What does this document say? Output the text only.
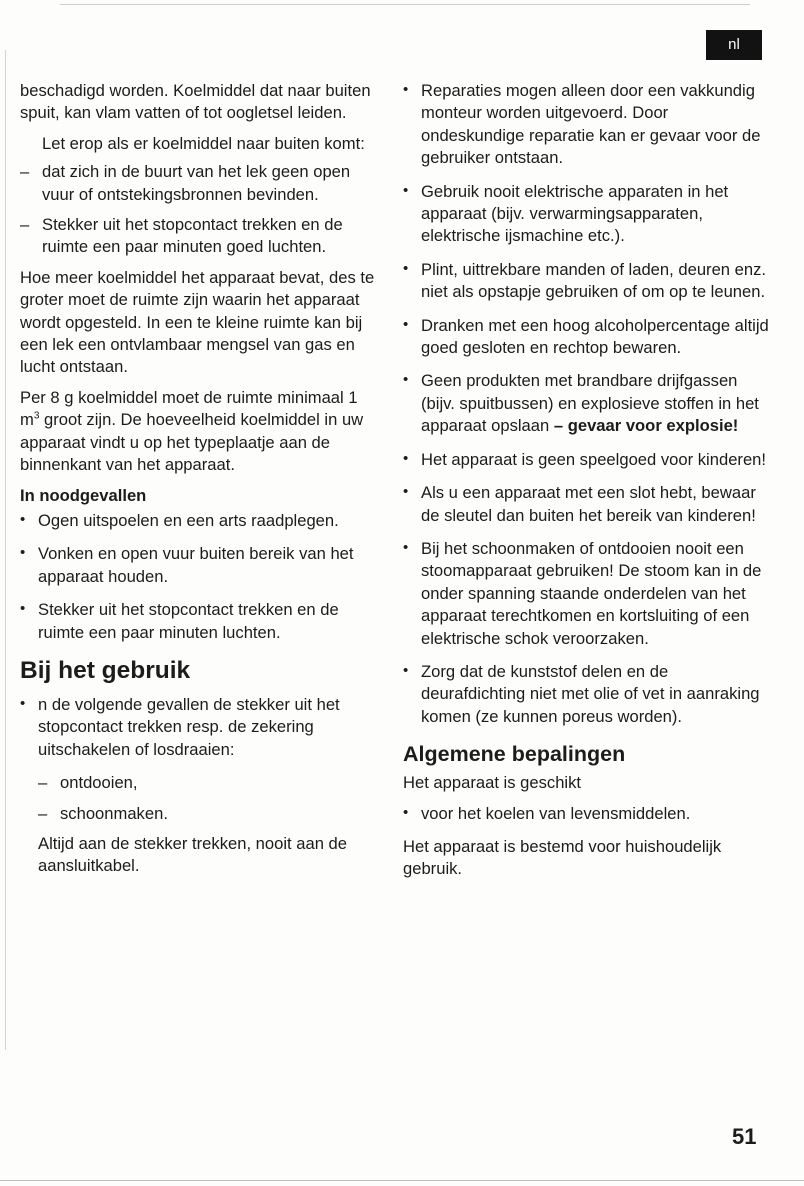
nl

beschadigd worden. Koelmiddel dat naar buiten spuit, kan vlam vatten of tot oogletsel leiden.

Let erop als er koelmiddel naar buiten komt:

– dat zich in de buurt van het lek geen open vuur of ontstekingsbronnen bevinden.
– Stekker uit het stopcontact trekken en de ruimte een paar minuten goed luchten.

Hoe meer koelmiddel het apparaat bevat, des te groter moet de ruimte zijn waarin het apparaat wordt opgesteld. In een te kleine ruimte kan bij een lek een ontvlambaar mengsel van gas en lucht ontstaan.

Per 8 g koelmiddel moet de ruimte minimaal 1 $m^3$ groot zijn. De hoeveelheid koelmiddel in uw apparaat vindt u op het typeplaatje aan de binnenkant van het apparaat.

In noodgevallen

• Ogen uitspoelen en een arts raadplegen.
• Vonken en open vuur buiten bereik van het apparaat houden.
• Stekker uit het stopcontact trekken en de ruimte een paar minuten luchten.
Bij het gebruik
• n de volgende gevallen de stekker uit het stopcontact trekken resp. de zekering uitschakelen of losdraaien:
– ontdooien,
– schoonmaken.

Altijd aan de stekker trekken, nooit aan de aansluitkabel.

• Reparaties mogen alleen door een vakkundig monteur worden uitgevoerd. Door ondeskundige reparatie kan er gevaar voor de gebruiker ontstaan.
• Gebruik nooit elektrische apparaten in het apparaat (bijv. verwarmingsapparaten, elektrische ijsmachine etc.).
• Plint, uittrekbare manden of laden, deuren enz. niet als opstapje gebruiken of om op te leunen.
• Dranken met een hoog alcoholpercentage altijd goed gesloten en rechtop bewaren.
• Geen produkten met brandbare drijfgassen (bijv. spuitbussen) en explosieve stoffen in het apparaat opslaan – gevaar voor explosie!
• Het apparaat is geen speelgoed voor kinderen!
• Als u een apparaat met een slot hebt, bewaar de sleutel dan buiten het bereik van kinderen!
• Bij het schoonmaken of ontdooien nooit een stoomapparaat gebruiken! De stoom kan in de onder spanning staande onderdelen van het apparaat terechtkomen en kortsluiting of een elektrische schok veroorzaken.
• Zorg dat de kunststof delen en de deurafdichting niet met olie of vet in aanraking komen (ze kunnen poreus worden).
Algemene bepalingen

Het apparaat is geschikt

• voor het koelen van levensmiddelen.

Het apparaat is bestemd voor huishoudelijk gebruik.

51
